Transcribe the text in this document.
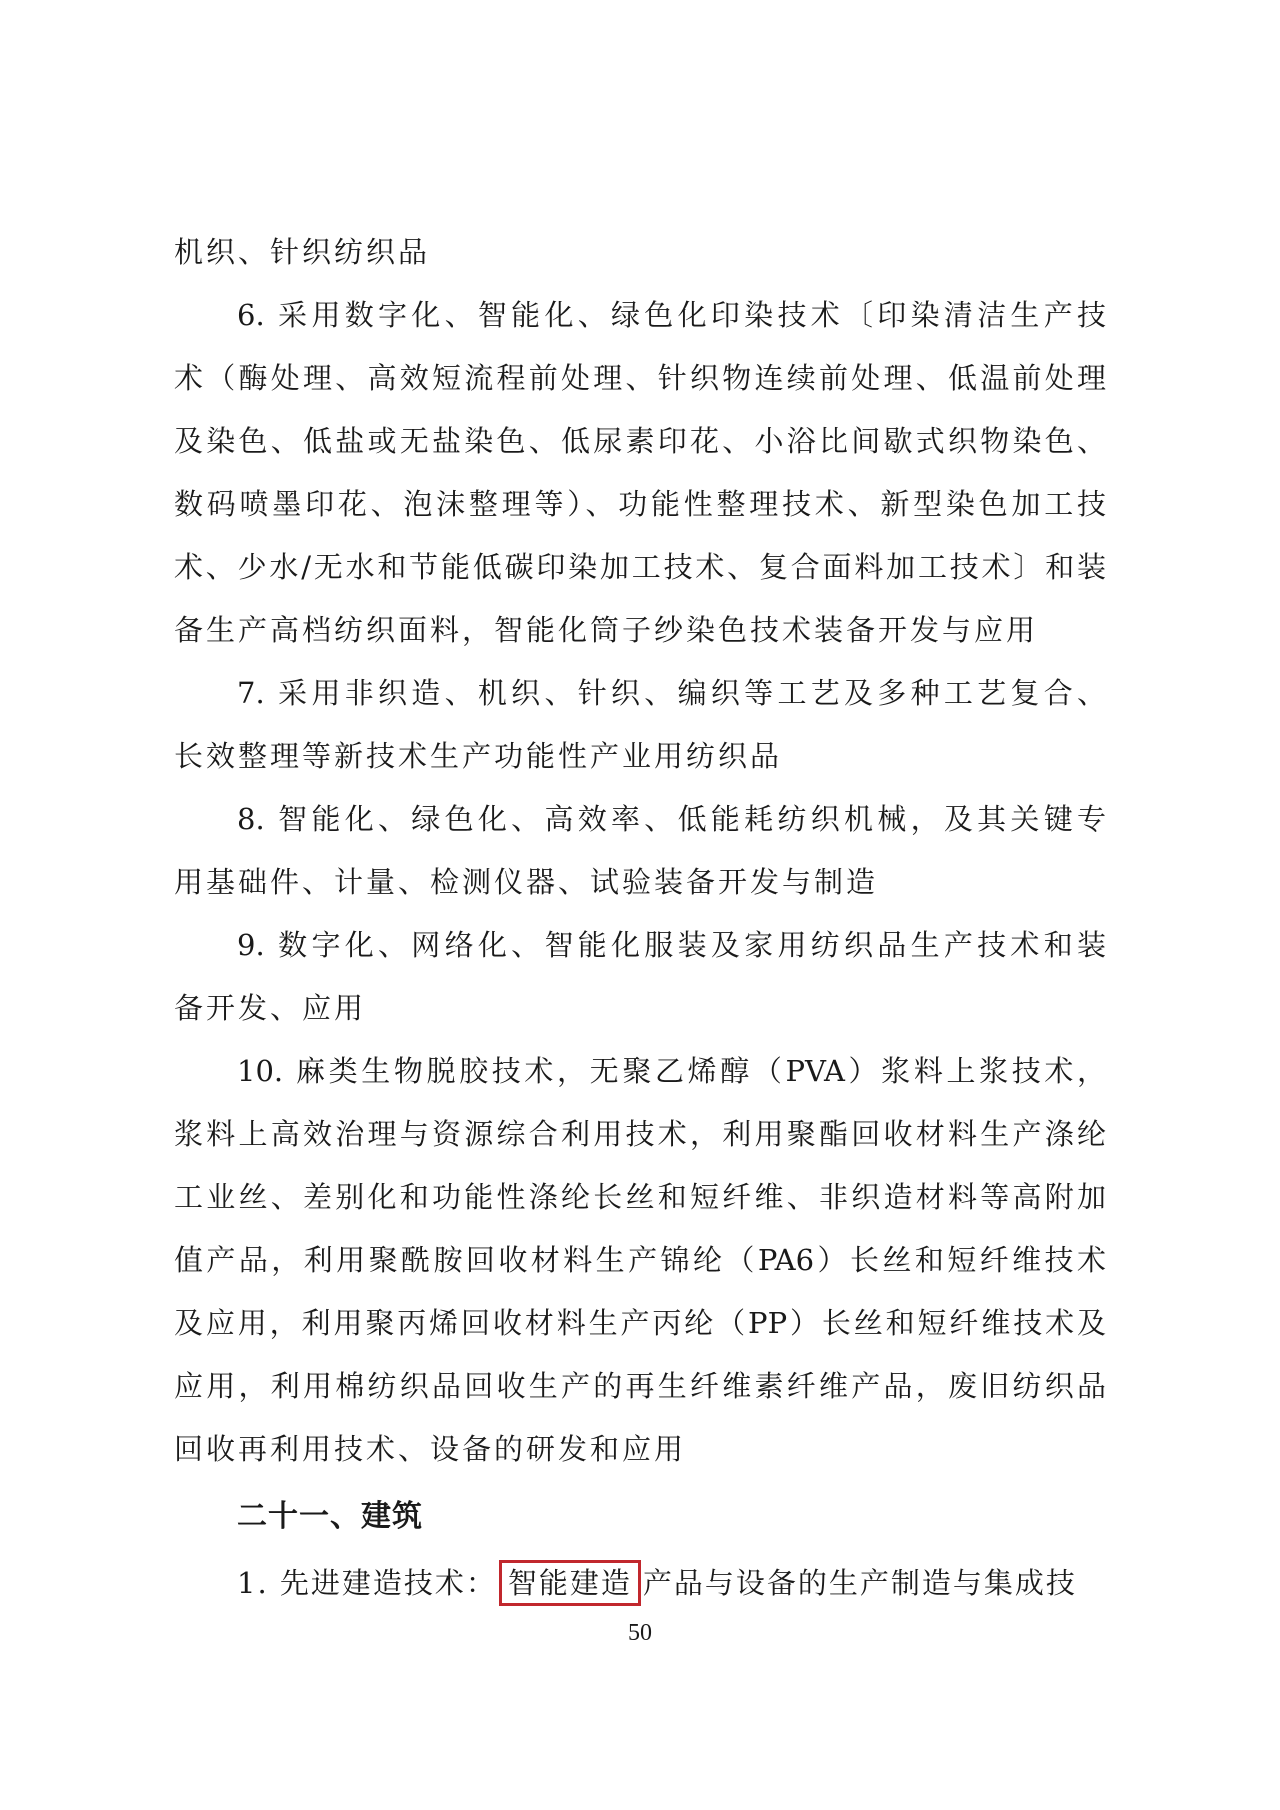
机织、针织纺织品
6. 采用数字化、智能化、绿色化印染技术〔印染清洁生产技
术（酶处理、高效短流程前处理、针织物连续前处理、低温前处理
及染色、低盐或无盐染色、低尿素印花、小浴比间歇式织物染色、
数码喷墨印花、泡沫整理等）、功能性整理技术、新型染色加工技
术、少水/无水和节能低碳印染加工技术、复合面料加工技术〕和装
备生产高档纺织面料，智能化筒子纱染色技术装备开发与应用
7. 采用非织造、机织、针织、编织等工艺及多种工艺复合、
长效整理等新技术生产功能性产业用纺织品
8. 智能化、绿色化、高效率、低能耗纺织机械，及其关键专
用基础件、计量、检测仪器、试验装备开发与制造
9. 数字化、网络化、智能化服装及家用纺织品生产技术和装
备开发、应用
10. 麻类生物脱胶技术，无聚乙烯醇（PVA）浆料上浆技术，
浆料上高效治理与资源综合利用技术，利用聚酯回收材料生产涤纶
工业丝、差别化和功能性涤纶长丝和短纤维、非织造材料等高附加
值产品，利用聚酰胺回收材料生产锦纶（PA6）长丝和短纤维技术
及应用，利用聚丙烯回收材料生产丙纶（PP）长丝和短纤维技术及
应用，利用棉纺织品回收生产的再生纤维素纤维产品，废旧纺织品
回收再利用技术、设备的研发和应用
二十一、建筑
1. 先进建造技术： 智能建造 产品与设备的生产制造与集成技
50
